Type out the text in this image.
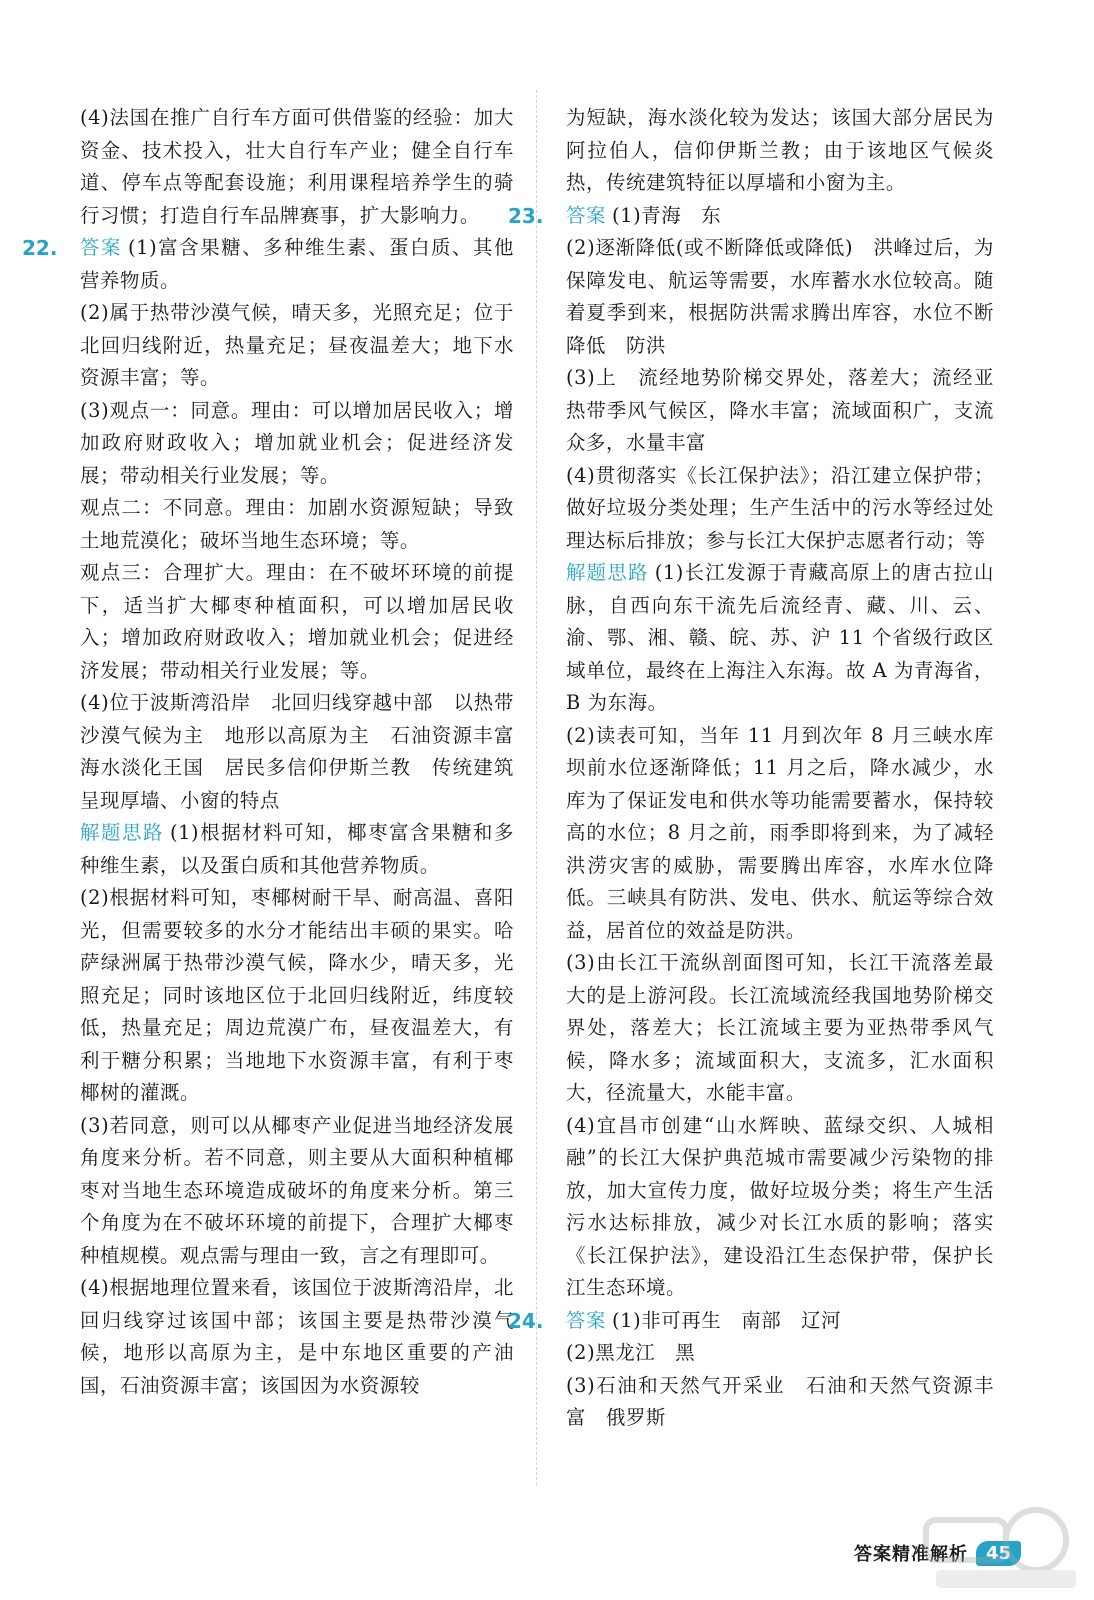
(4)法国在推广自行车方面可供借鉴的经验：加大资金、技术投入，壮大自行车产业；健全自行车道、停车点等配套设施；利用课程培养学生的骑行习惯；打造自行车品牌赛事，扩大影响力。

22. 答案 (1)富含果糖、多种维生素、蛋白质、其他营养物质。

(2)属于热带沙漠气候，晴天多，光照充足；位于北回归线附近，热量充足；昼夜温差大；地下水资源丰富；等。

(3)观点一：同意。理由：可以增加居民收入；增加政府财政收入；增加就业机会；促进经济发展；带动相关行业发展；等。

观点二：不同意。理由：加剧水资源短缺；导致土地荒漠化；破坏当地生态环境；等。

观点三：合理扩大。理由：在不破坏环境的前提下，适当扩大椰枣种植面积，可以增加居民收入；增加政府财政收入；增加就业机会；促进经济发展；带动相关行业发展；等。

(4)位于波斯湾沿岸　北回归线穿越中部　以热带沙漠气候为主　地形以高原为主　石油资源丰富　海水淡化王国　居民多信仰伊斯兰教　传统建筑呈现厚墙、小窗的特点

解题思路 (1)根据材料可知，椰枣富含果糖和多种维生素，以及蛋白质和其他营养物质。

(2)根据材料可知，枣椰树耐干旱、耐高温、喜阳光，但需要较多的水分才能结出丰硕的果实。哈萨绿洲属于热带沙漠气候，降水少，晴天多，光照充足；同时该地区位于北回归线附近，纬度较低，热量充足；周边荒漠广布，昼夜温差大，有利于糖分积累；当地地下水资源丰富，有利于枣椰树的灌溉。

(3)若同意，则可以从椰枣产业促进当地经济发展角度来分析。若不同意，则主要从大面积种植椰枣对当地生态环境造成破坏的角度来分析。第三个角度为在不破坏环境的前提下，合理扩大椰枣种植规模。观点需与理由一致，言之有理即可。

(4)根据地理位置来看，该国位于波斯湾沿岸，北回归线穿过该国中部；该国主要是热带沙漠气候，地形以高原为主，是中东地区重要的产油国，石油资源丰富；该国因为水资源较

为短缺，海水淡化较为发达；该国大部分居民为阿拉伯人，信仰伊斯兰教；由于该地区气候炎热，传统建筑特征以厚墙和小窗为主。

23. 答案 (1)青海　东

(2)逐渐降低(或不断降低或降低)　洪峰过后，为保障发电、航运等需要，水库蓄水水位较高。随着夏季到来，根据防洪需求腾出库容，水位不断降低　防洪

(3)上　流经地势阶梯交界处，落差大；流经亚热带季风气候区，降水丰富；流域面积广，支流众多，水量丰富

(4)贯彻落实《长江保护法》；沿江建立保护带；做好垃圾分类处理；生产生活中的污水等经过处理达标后排放；参与长江大保护志愿者行动；等

解题思路 (1)长江发源于青藏高原上的唐古拉山脉，自西向东干流先后流经青、藏、川、云、渝、鄂、湘、赣、皖、苏、沪 11 个省级行政区域单位，最终在上海注入东海。故 A 为青海省，B 为东海。

(2)读表可知，当年 11 月到次年 8 月三峡水库坝前水位逐渐降低；11 月之后，降水减少，水库为了保证发电和供水等功能需要蓄水，保持较高的水位；8 月之前，雨季即将到来，为了减轻洪涝灾害的威胁，需要腾出库容，水库水位降低。三峡具有防洪、发电、供水、航运等综合效益，居首位的效益是防洪。

(3)由长江干流纵剖面图可知，长江干流落差最大的是上游河段。长江流域流经我国地势阶梯交界处，落差大；长江流域主要为亚热带季风气候，降水多；流域面积大，支流多，汇水面积大，径流量大，水能丰富。

(4)宜昌市创建“山水辉映、蓝绿交织、人城相融”的长江大保护典范城市需要减少污染物的排放，加大宣传力度，做好垃圾分类；将生产生活污水达标排放，减少对长江水质的影响；落实《长江保护法》，建设沿江生态保护带，保护长江生态环境。

24. 答案 (1)非可再生　南部　辽河

(2)黑龙江　黑

(3)石油和天然气开采业　石油和天然气资源丰富　俄罗斯

答案精准解析	45
